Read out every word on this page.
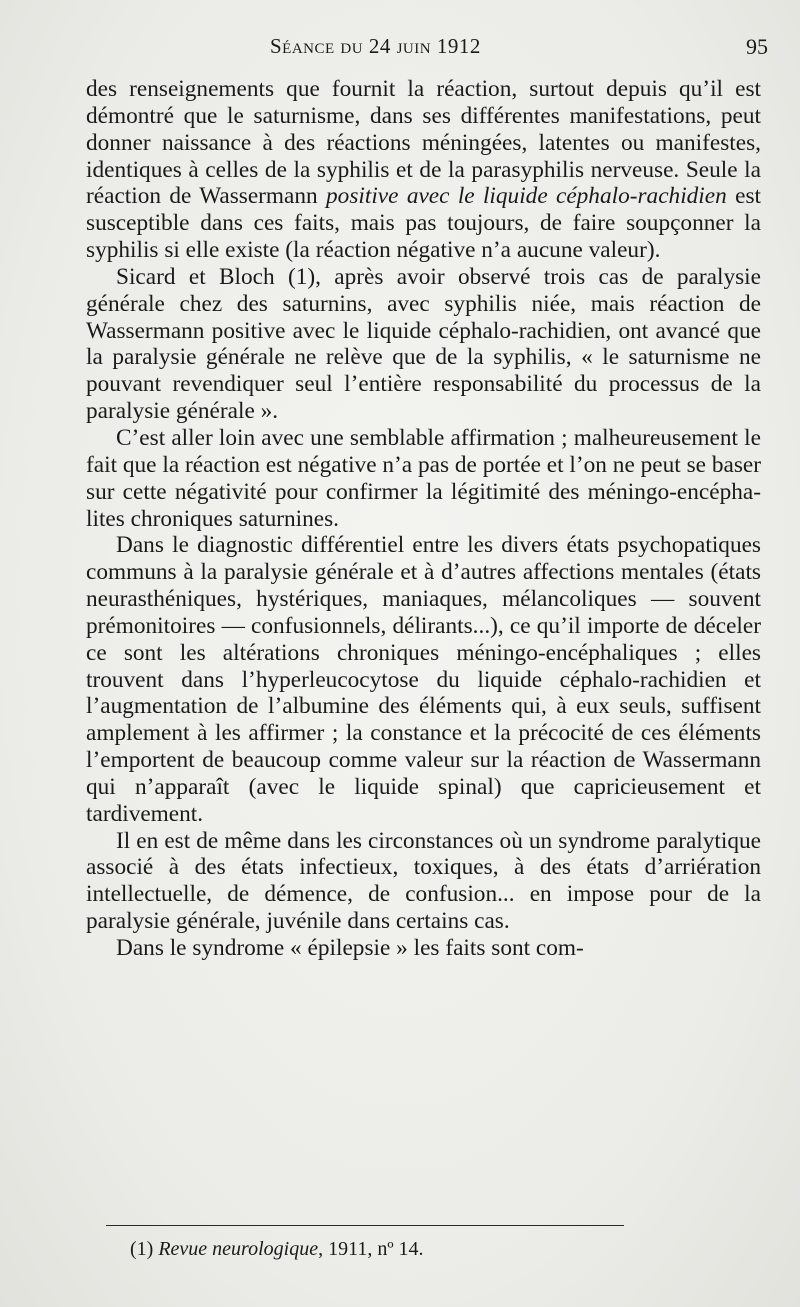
Séance du 24 juin 1912	95

des renseignements que fournit la réaction, surtout depuis qu’il est démontré que le saturnisme, dans ses différentes manifestations, peut donner naissance à des réactions méningées, latentes ou manifestes, identiques à celles de la syphilis et de la parasyphilis nerveuse. Seule la réaction de Wassermann positive avec le liquide céphalo-rachidien est susceptible dans ces faits, mais pas toujours, de faire soupçonner la syphilis si elle existe (la réaction négative n’a aucune valeur).

Sicard et Bloch (1), après avoir observé trois cas de paralysie générale chez des saturnins, avec syphilis niée, mais réaction de Wassermann positive avec le liquide céphalo-rachidien, ont avancé que la paralysie générale ne relève que de la syphilis, « le saturnisme ne pouvant revendiquer seul l’entière responsabilité du processus de la paralysie générale ».

C’est aller loin avec une semblable affirmation ; malheureusement le fait que la réaction est négative n’a pas de portée et l’on ne peut se baser sur cette négativité pour confirmer la légitimité des méningo-encéphalites chroniques saturnines.

Dans le diagnostic différentiel entre les divers états psychopatiques communs à la paralysie générale et à d’autres affections mentales (états neurasthéniques, hystériques, maniaques, mélancoliques — souvent prémonitoires — confusionnels, délirants...), ce qu’il importe de déceler ce sont les altérations chroniques méningo-encéphaliques ; elles trouvent dans l’hyperleucocytose du liquide céphalo-rachidien et l’augmentation de l’albumine des éléments qui, à eux seuls, suffisent amplement à les affirmer ; la constance et la précocité de ces éléments l’emportent de beaucoup comme valeur sur la réaction de Wassermann qui n’apparaît (avec le liquide spinal) que capricieusement et tardivement.

Il en est de même dans les circonstances où un syndrome paralytique associé à des états infectieux, toxiques, à des états d’arriération intellectuelle, de démence, de confusion... en impose pour de la paralysie générale, juvénile dans certains cas.

Dans le syndrome « épilepsie » les faits sont com-

(1) Revue neurologique, 1911, nº 14.
